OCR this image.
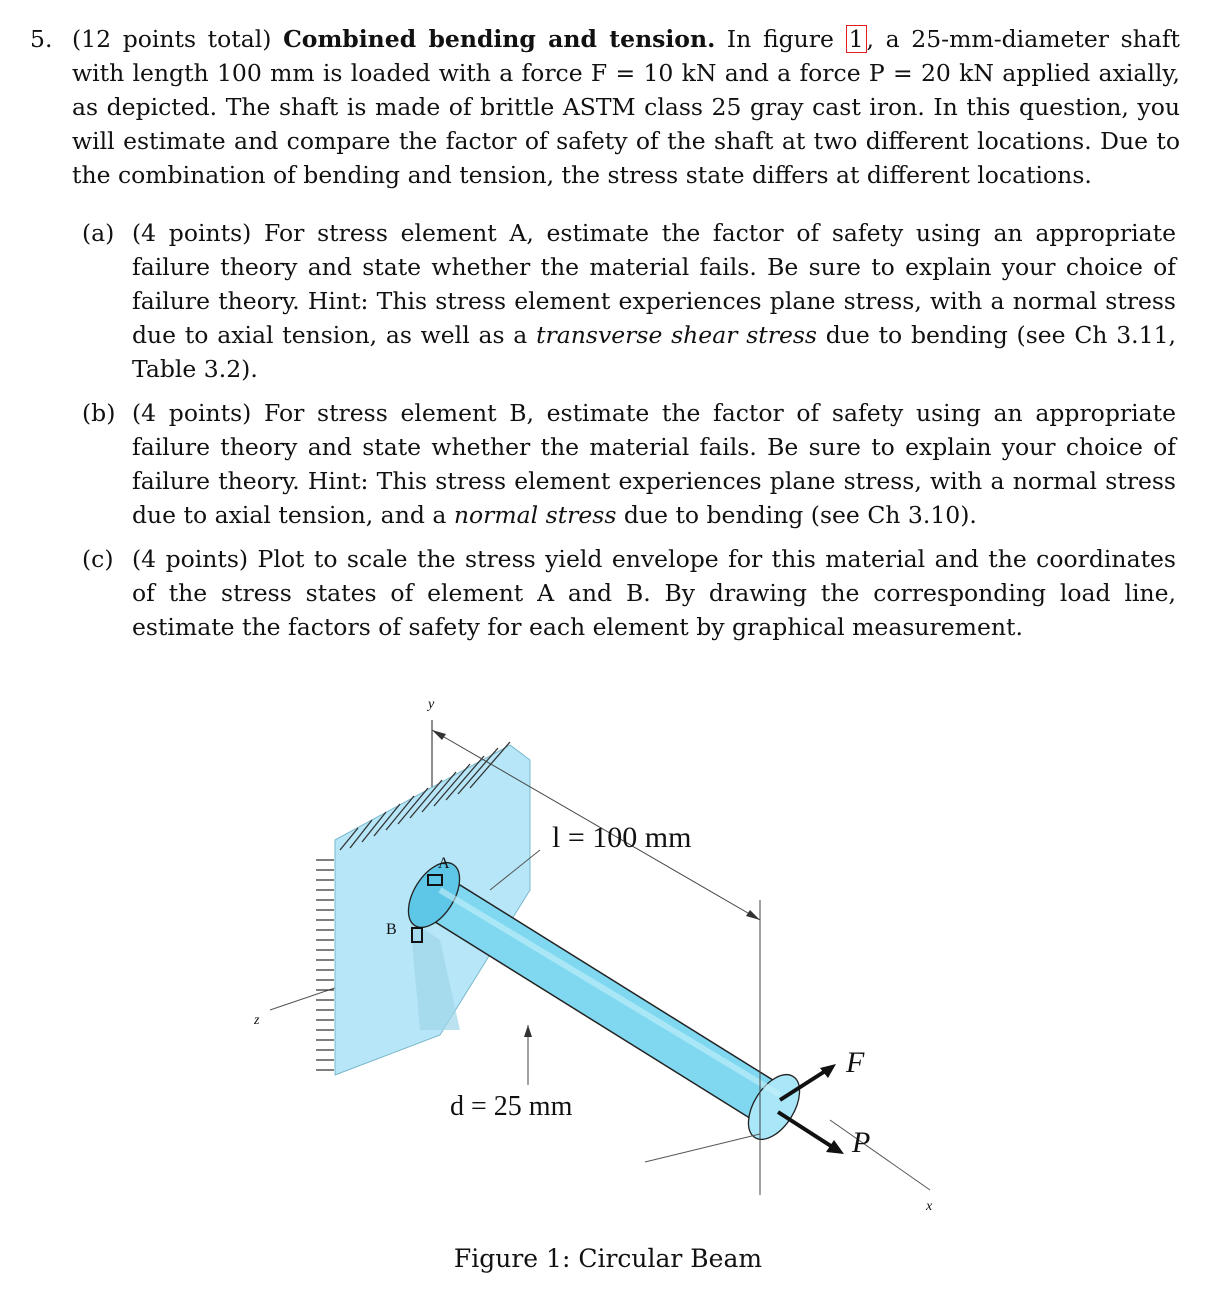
5. (12 points total) Combined bending and tension. In figure 1 , a 25-mm-diameter shaft with length 100 mm is loaded with a force F = 10 kN and a force P = 20 kN applied axially, as depicted. The shaft is made of brittle ASTM class 25 gray cast iron. In this question, you will estimate and compare the factor of safety of the shaft at two different locations. Due to the combination of bending and tension, the stress state differs at different locations.
(a) (4 points) For stress element A, estimate the factor of safety using an appropriate failure theory and state whether the material fails. Be sure to explain your choice of failure theory. Hint: This stress element experiences plane stress, with a normal stress due to axial tension, as well as a transverse shear stress due to bending (see Ch 3.11, Table 3.2).
(b) (4 points) For stress element B, estimate the factor of safety using an appropriate failure theory and state whether the material fails. Be sure to explain your choice of failure theory. Hint: This stress element experiences plane stress, with a normal stress due to axial tension, and a normal stress due to bending (see Ch 3.10).
(c) (4 points) Plot to scale the stress yield envelope for this material and the coordinates of the stress states of element A and B. By drawing the corresponding load line, estimate the factors of safety for each element by graphical measurement.
A
B
l = 100 mm
d = 25 mm
F
P
y
z
x
Figure 1: Circular Beam
